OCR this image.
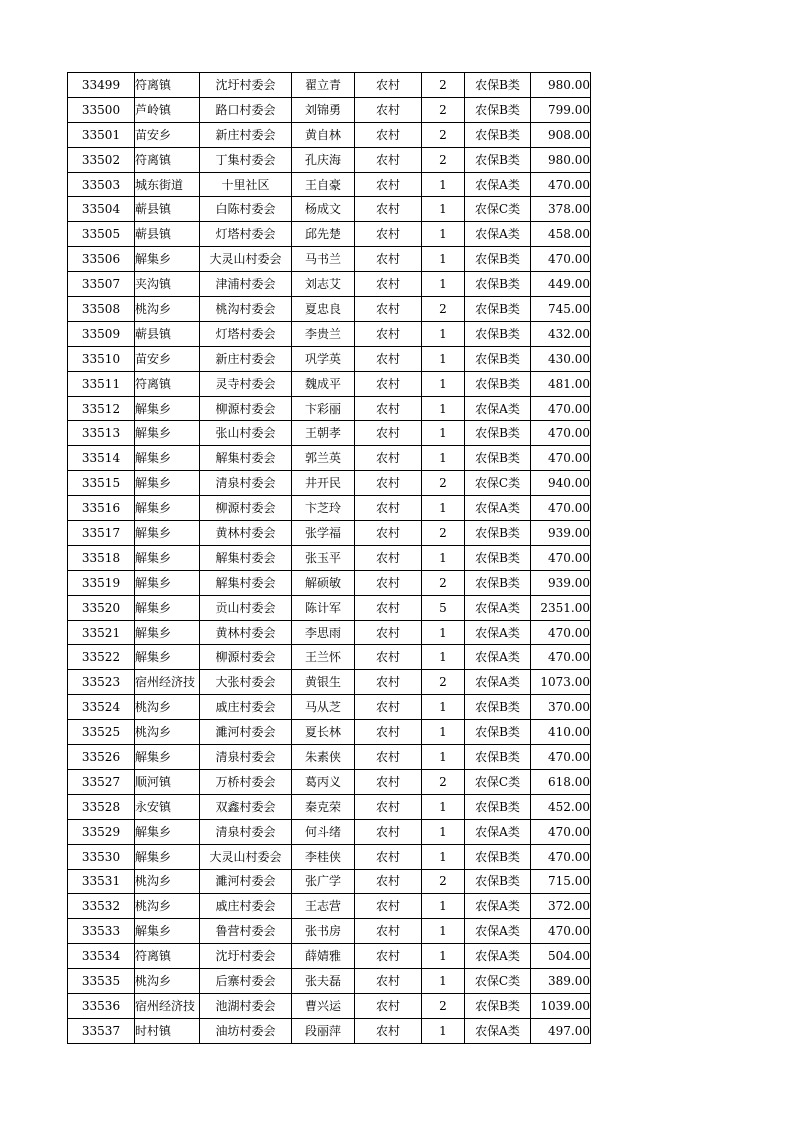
33499	符离镇	沈圩村委会	翟立青	农村	2	农保B类	980.00
33500	芦岭镇	路口村委会	刘锦勇	农村	2	农保B类	799.00
33501	苗安乡	新庄村委会	黄自林	农村	2	农保B类	908.00
33502	符离镇	丁集村委会	孔庆海	农村	2	农保B类	980.00
33503	城东街道	十里社区	王自豪	农村	1	农保A类	470.00
33504	蕲县镇	白陈村委会	杨成文	农村	1	农保C类	378.00
33505	蕲县镇	灯塔村委会	邱先楚	农村	1	农保A类	458.00
33506	解集乡	大灵山村委会	马书兰	农村	1	农保B类	470.00
33507	夹沟镇	津浦村委会	刘志艾	农村	1	农保B类	449.00
33508	桃沟乡	桃沟村委会	夏忠良	农村	2	农保B类	745.00
33509	蕲县镇	灯塔村委会	李贵兰	农村	1	农保B类	432.00
33510	苗安乡	新庄村委会	巩学英	农村	1	农保B类	430.00
33511	符离镇	灵寺村委会	魏成平	农村	1	农保B类	481.00
33512	解集乡	柳源村委会	卞彩丽	农村	1	农保A类	470.00
33513	解集乡	张山村委会	王朝孝	农村	1	农保B类	470.00
33514	解集乡	解集村委会	郭兰英	农村	1	农保B类	470.00
33515	解集乡	清泉村委会	井开民	农村	2	农保C类	940.00
33516	解集乡	柳源村委会	卞芝玲	农村	1	农保A类	470.00
33517	解集乡	黄林村委会	张学福	农村	2	农保B类	939.00
33518	解集乡	解集村委会	张玉平	农村	1	农保B类	470.00
33519	解集乡	解集村委会	解硕敏	农村	2	农保B类	939.00
33520	解集乡	贡山村委会	陈计军	农村	5	农保A类	2351.00
33521	解集乡	黄林村委会	李思雨	农村	1	农保A类	470.00
33522	解集乡	柳源村委会	王兰怀	农村	1	农保A类	470.00
33523	宿州经济技	大张村委会	黄银生	农村	2	农保A类	1073.00
33524	桃沟乡	戚庄村委会	马从芝	农村	1	农保B类	370.00
33525	桃沟乡	濉河村委会	夏长林	农村	1	农保B类	410.00
33526	解集乡	清泉村委会	朱素侠	农村	1	农保B类	470.00
33527	顺河镇	万桥村委会	葛丙义	农村	2	农保C类	618.00
33528	永安镇	双鑫村委会	秦克荣	农村	1	农保B类	452.00
33529	解集乡	清泉村委会	何斗绪	农村	1	农保A类	470.00
33530	解集乡	大灵山村委会	李桂侠	农村	1	农保B类	470.00
33531	桃沟乡	濉河村委会	张广学	农村	2	农保B类	715.00
33532	桃沟乡	戚庄村委会	王志营	农村	1	农保A类	372.00
33533	解集乡	鲁营村委会	张书房	农村	1	农保A类	470.00
33534	符离镇	沈圩村委会	薛婧雅	农村	1	农保A类	504.00
33535	桃沟乡	后寨村委会	张夫磊	农村	1	农保C类	389.00
33536	宿州经济技	池湖村委会	曹兴运	农村	2	农保B类	1039.00
33537	时村镇	油坊村委会	段丽萍	农村	1	农保A类	497.00
